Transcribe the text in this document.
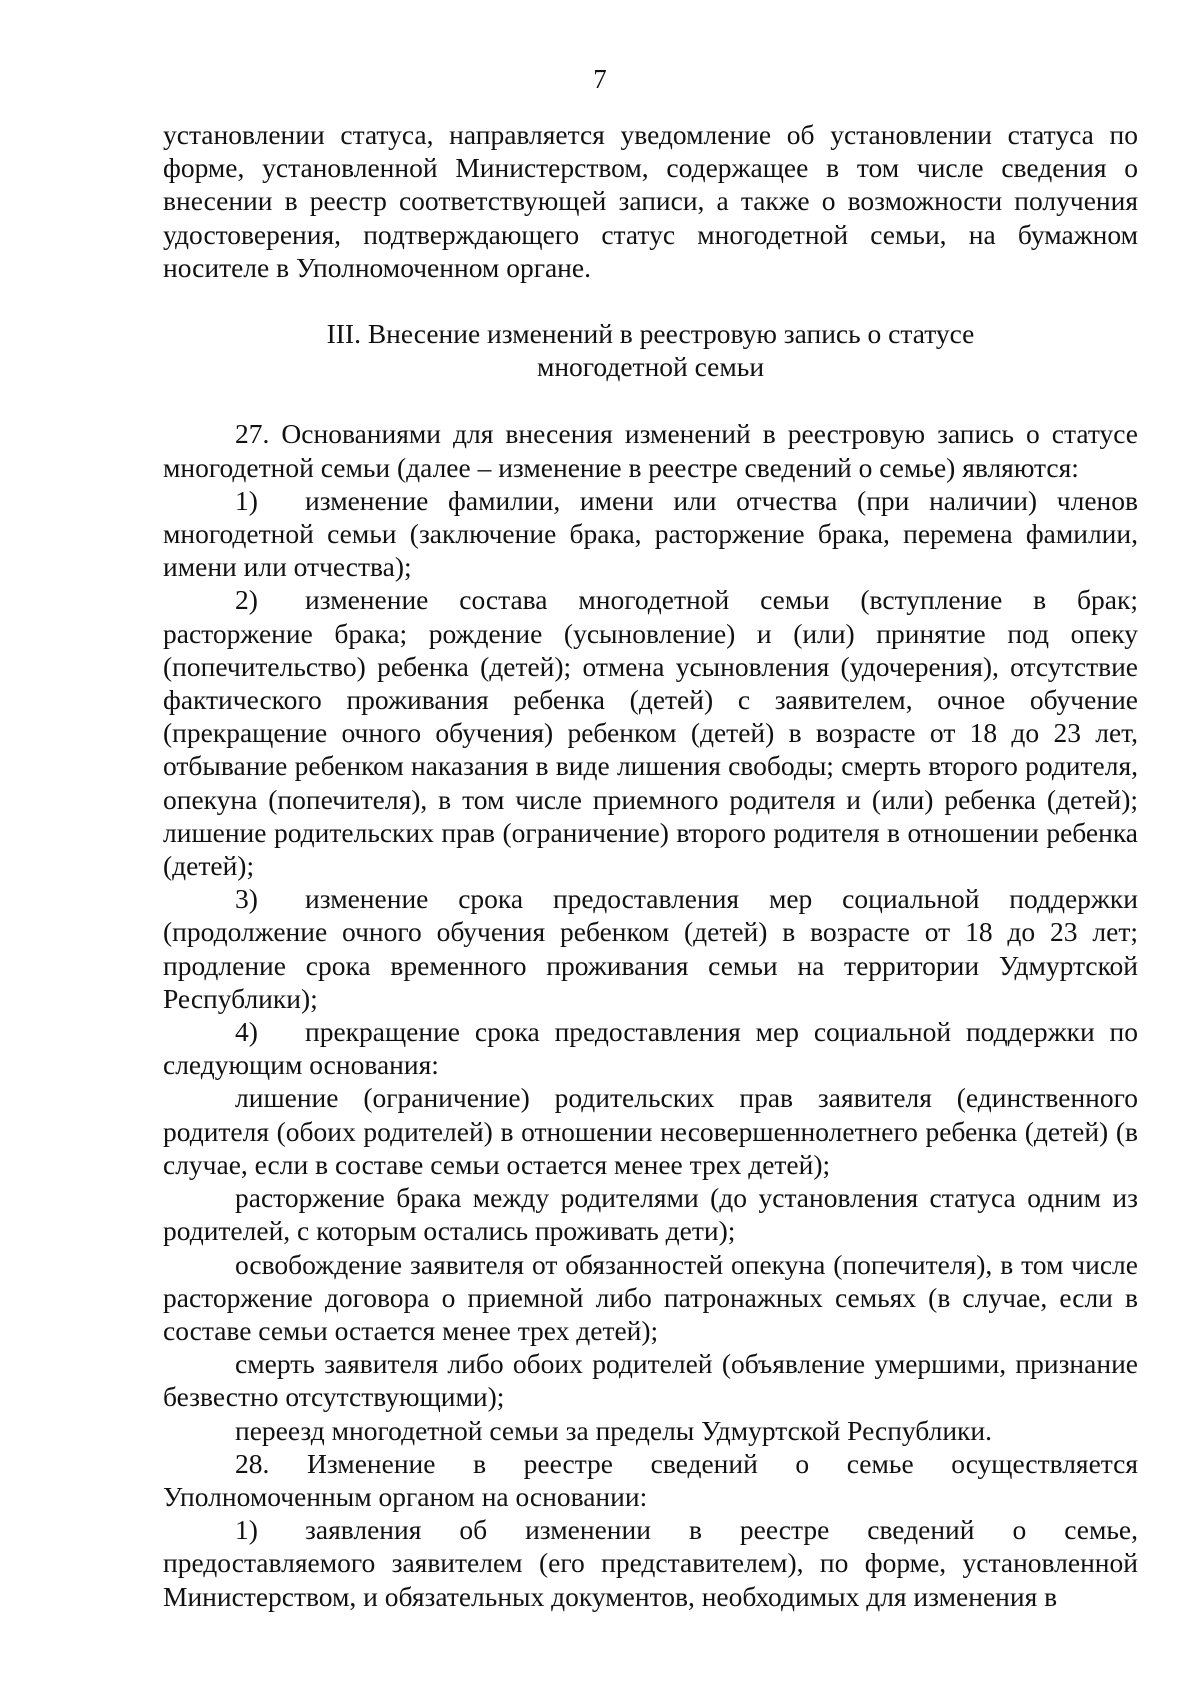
7

установлении статуса, направляется уведомление об установлении статуса по форме, установленной Министерством, содержащее в том числе сведения о внесении в реестр соответствующей записи, а также о возможности получения удостоверения, подтверждающего статус многодетной семьи, на бумажном носителе в Уполномоченном органе.

III. Внесение изменений в реестровую запись о статусе
многодетной семьи

27. Основаниями для внесения изменений в реестровую запись о статусе многодетной семьи (далее – изменение в реестре сведений о семье) являются:

1) изменение фамилии, имени или отчества (при наличии) членов многодетной семьи (заключение брака, расторжение брака, перемена фамилии, имени или отчества);

2) изменение состава многодетной семьи (вступление в брак; расторжение брака; рождение (усыновление) и (или) принятие под опеку (попечительство) ребенка (детей); отмена усыновления (удочерения), отсутствие фактического проживания ребенка (детей) с заявителем, очное обучение (прекращение очного обучения) ребенком (детей) в возрасте от 18 до 23 лет, отбывание ребенком наказания в виде лишения свободы; смерть второго родителя, опекуна (попечителя), в том числе приемного родителя и (или) ребенка (детей); лишение родительских прав (ограничение) второго родителя в отношении ребенка (детей);

3) изменение срока предоставления мер социальной поддержки (продолжение очного обучения ребенком (детей) в возрасте от 18 до 23 лет; продление срока временного проживания семьи на территории Удмуртской Республики);

4) прекращение срока предоставления мер социальной поддержки по следующим основания:

лишение (ограничение) родительских прав заявителя (единственного родителя (обоих родителей) в отношении несовершеннолетнего ребенка (детей) (в случае, если в составе семьи остается менее трех детей);

расторжение брака между родителями (до установления статуса одним из родителей, с которым остались проживать дети);

освобождение заявителя от обязанностей опекуна (попечителя), в том числе расторжение договора о приемной либо патронажных семьях (в случае, если в составе семьи остается менее трех детей);

смерть заявителя либо обоих родителей (объявление умершими, признание безвестно отсутствующими);

переезд многодетной семьи за пределы Удмуртской Республики.

28. Изменение в реестре сведений о семье осуществляется Уполномоченным органом на основании:

1) заявления об изменении в реестре сведений о семье, предоставляемого заявителем (его представителем), по форме, установленной Министерством, и обязательных документов, необходимых для изменения в
